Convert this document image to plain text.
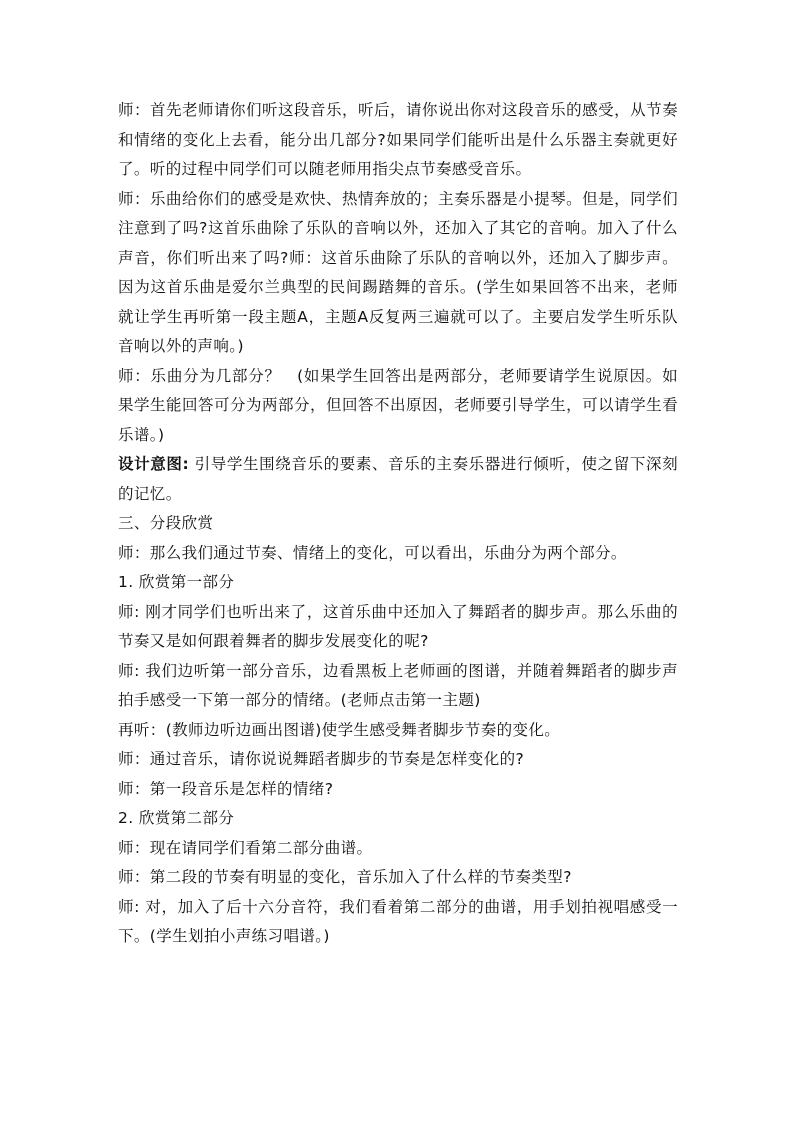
师：首先老师请你们听这段音乐，听后，请你说出你对这段音乐的感受，从节奏和情绪的变化上去看，能分出几部分?如果同学们能听出是什么乐器主奏就更好了。听的过程中同学们可以随老师用指尖点节奏感受音乐。

师：乐曲给你们的感受是欢快、热情奔放的；主奏乐器是小提琴。但是，同学们注意到了吗?这首乐曲除了乐队的音响以外，还加入了其它的音响。加入了什么声音，你们听出来了吗?师：这首乐曲除了乐队的音响以外，还加入了脚步声。因为这首乐曲是爱尔兰典型的民间踢踏舞的音乐。(学生如果回答不出来，老师就让学生再听第一段主题A，主题A反复两三遍就可以了。主要启发学生听乐队音响以外的声响。)

师：乐曲分为几部分？　(如果学生回答出是两部分，老师要请学生说原因。如果学生能回答可分为两部分，但回答不出原因，老师要引导学生，可以请学生看乐谱。)

设计意图: 引导学生围绕音乐的要素、音乐的主奏乐器进行倾听，使之留下深刻的记忆。

三、分段欣赏

师：那么我们通过节奏、情绪上的变化，可以看出，乐曲分为两个部分。

1. 欣赏第一部分

师: 刚才同学们也听出来了，这首乐曲中还加入了舞蹈者的脚步声。那么乐曲的节奏又是如何跟着舞者的脚步发展变化的呢?

师: 我们边听第一部分音乐，边看黑板上老师画的图谱，并随着舞蹈者的脚步声拍手感受一下第一部分的情绪。(老师点击第一主题)

再听：(教师边听边画出图谱)使学生感受舞者脚步节奏的变化。

师：通过音乐，请你说说舞蹈者脚步的节奏是怎样变化的?

师：第一段音乐是怎样的情绪?

2. 欣赏第二部分

师：现在请同学们看第二部分曲谱。

师：第二段的节奏有明显的变化，音乐加入了什么样的节奏类型?

师: 对，加入了后十六分音符，我们看着第二部分的曲谱，用手划拍视唱感受一下。(学生划拍小声练习唱谱。)
